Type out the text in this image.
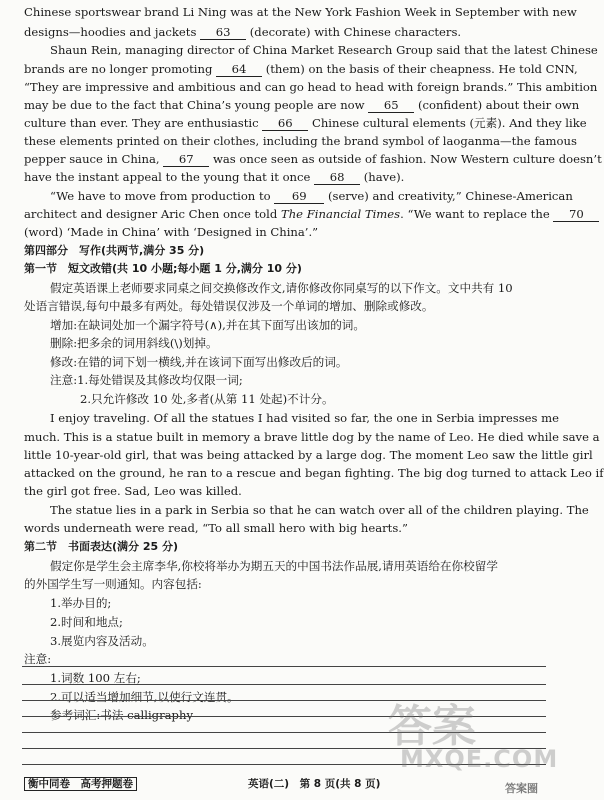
Chinese sportswear brand Li Ning was at the New York Fashion Week in September with new
designs—hoodies and jackets 63 (decorate) with Chinese characters.
Shaun Rein, managing director of China Market Research Group said that the latest Chinese
brands are no longer promoting 64 (them) on the basis of their cheapness. He told CNN,
“They are impressive and ambitious and can go head to head with foreign brands.” This ambition
may be due to the fact that China’s young people are now 65 (confident) about their own
culture than ever. They are enthusiastic 66 Chinese cultural elements (元素). And they like
these elements printed on their clothes, including the brand symbol of laoganma—the famous
pepper sauce in China, 67 was once seen as outside of fashion. Now Western culture doesn’t
have the instant appeal to the young that it once 68 (have).
“We have to move from production to 69 (serve) and creativity,” Chinese-American
architect and designer Aric Chen once told The Financial Times. “We want to replace the 70
(word) ‘Made in China’ with ‘Designed in China’.”
第四部分　写作(共两节,满分 35 分)
第一节　短文改错(共 10 小题;每小题 1 分,满分 10 分)
假定英语课上老师要求同桌之间交换修改作文,请你修改你同桌写的以下作文。文中共有 10
处语言错误,每句中最多有两处。每处错误仅涉及一个单词的增加、删除或修改。
增加:在缺词处加一个漏字符号(∧),并在其下面写出该加的词。
删除:把多余的词用斜线(\)划掉。
修改:在错的词下划一横线,并在该词下面写出修改后的词。
注意:1.每处错误及其修改均仅限一词;
2.只允许修改 10 处,多者(从第 11 处起)不计分。
I enjoy traveling. Of all the statues I had visited so far, the one in Serbia impresses me
much. This is a statue built in memory a brave little dog by the name of Leo. He died while save a
little 10-year-old girl, that was being attacked by a large dog. The moment Leo saw the little girl
attacked on the ground, he ran to a rescue and began fighting. The big dog turned to attack Leo if
the girl got free. Sad, Leo was killed.
The statue lies in a park in Serbia so that he can watch over all of the children playing. The
words underneath were read, “To all small hero with big hearts.”
第二节　书面表达(满分 25 分)
假定你是学生会主席李华,你校将举办为期五天的中国书法作品展,请用英语给在你校留学
的外国学生写一则通知。内容包括:
1.举办目的;
2.时间和地点;
3.展览内容及活动。
注意:
1.词数 100 左右;
2.可以适当增加细节,以使行文连贯。
参考词汇:书法 calligraphy	答案
MXQE.COM
答案圈
衡中同卷　高考押题卷	英语(二)　第 8 页(共 8 页)
